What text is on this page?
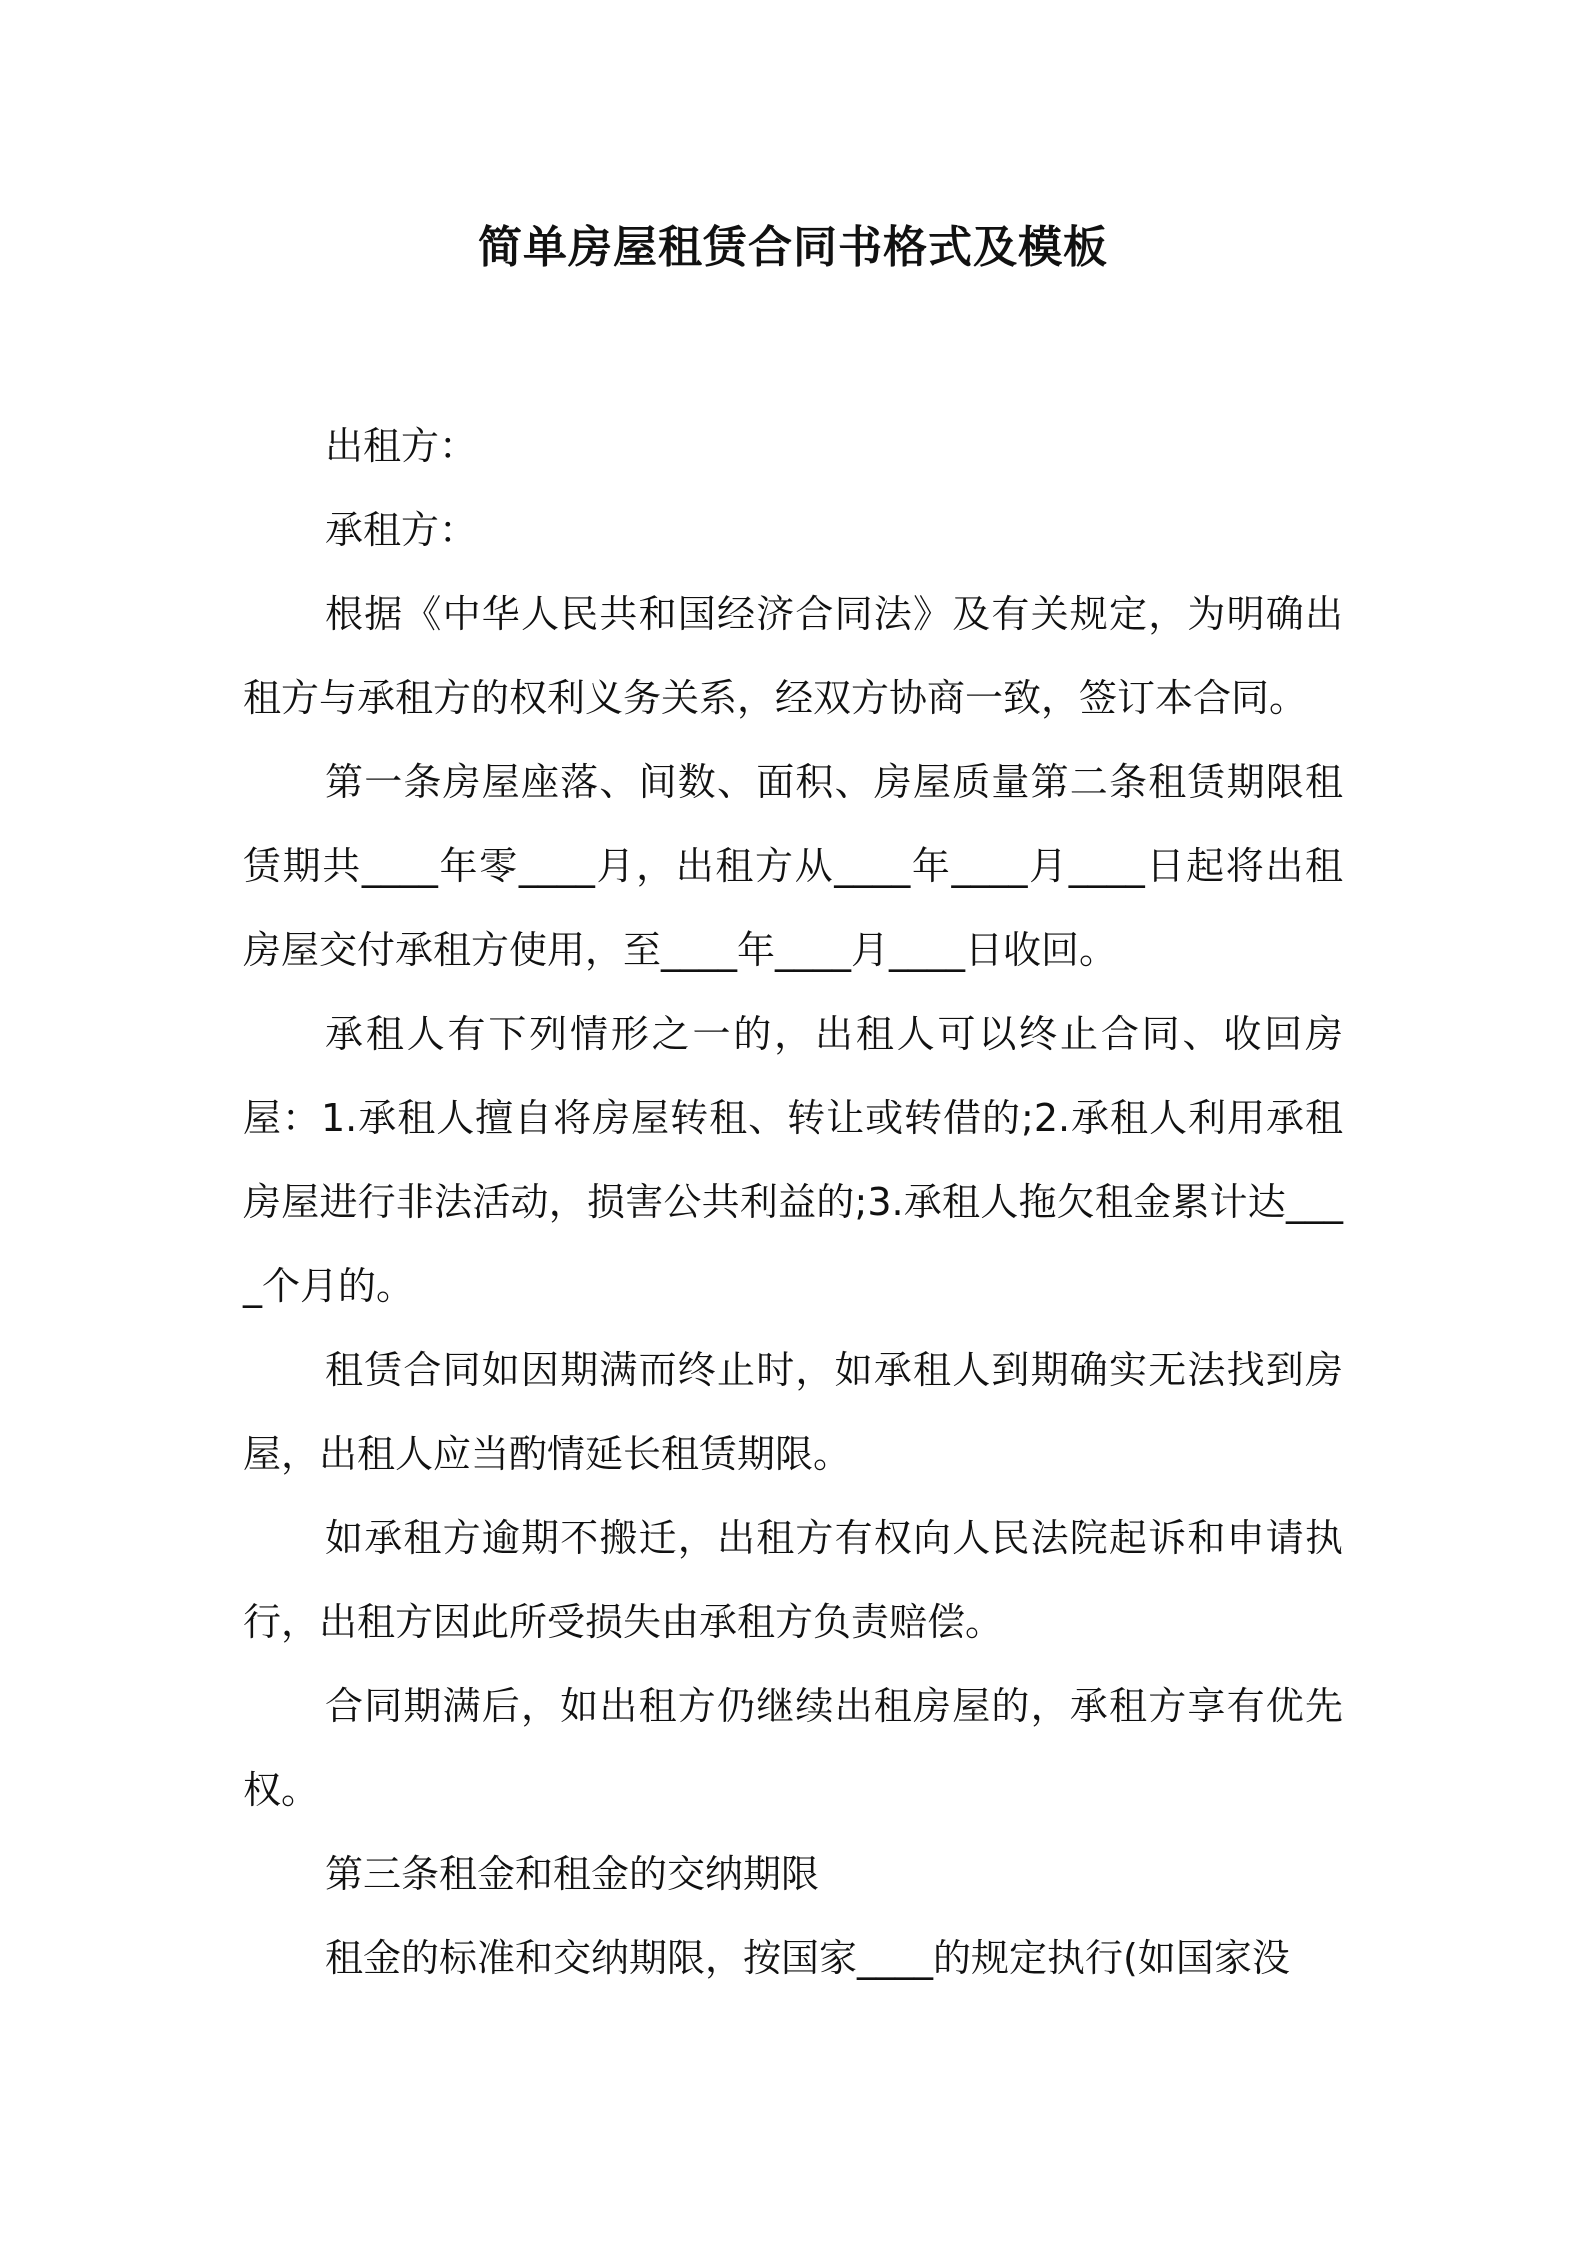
简单房屋租赁合同书格式及模板

出租方：

承租方：

根据《中华人民共和国经济合同法》及有关规定，为明确出租方与承租方的权利义务关系，经双方协商一致，签订本合同。

第一条房屋座落、间数、面积、房屋质量第二条租赁期限租赁期共____年零____月，出租方从____年____月____日起将出租房屋交付承租方使用，至____年____月____日收回。

承租人有下列情形之一的，出租人可以终止合同、收回房屋：1.承租人擅自将房屋转租、转让或转借的;2.承租人利用承租房屋进行非法活动，损害公共利益的;3.承租人拖欠租金累计达____个月的。

租赁合同如因期满而终止时，如承租人到期确实无法找到房屋，出租人应当酌情延长租赁期限。

如承租方逾期不搬迁，出租方有权向人民法院起诉和申请执行，出租方因此所受损失由承租方负责赔偿。

合同期满后，如出租方仍继续出租房屋的，承租方享有优先权。

第三条租金和租金的交纳期限

租金的标准和交纳期限，按国家____的规定执行(如国家没
